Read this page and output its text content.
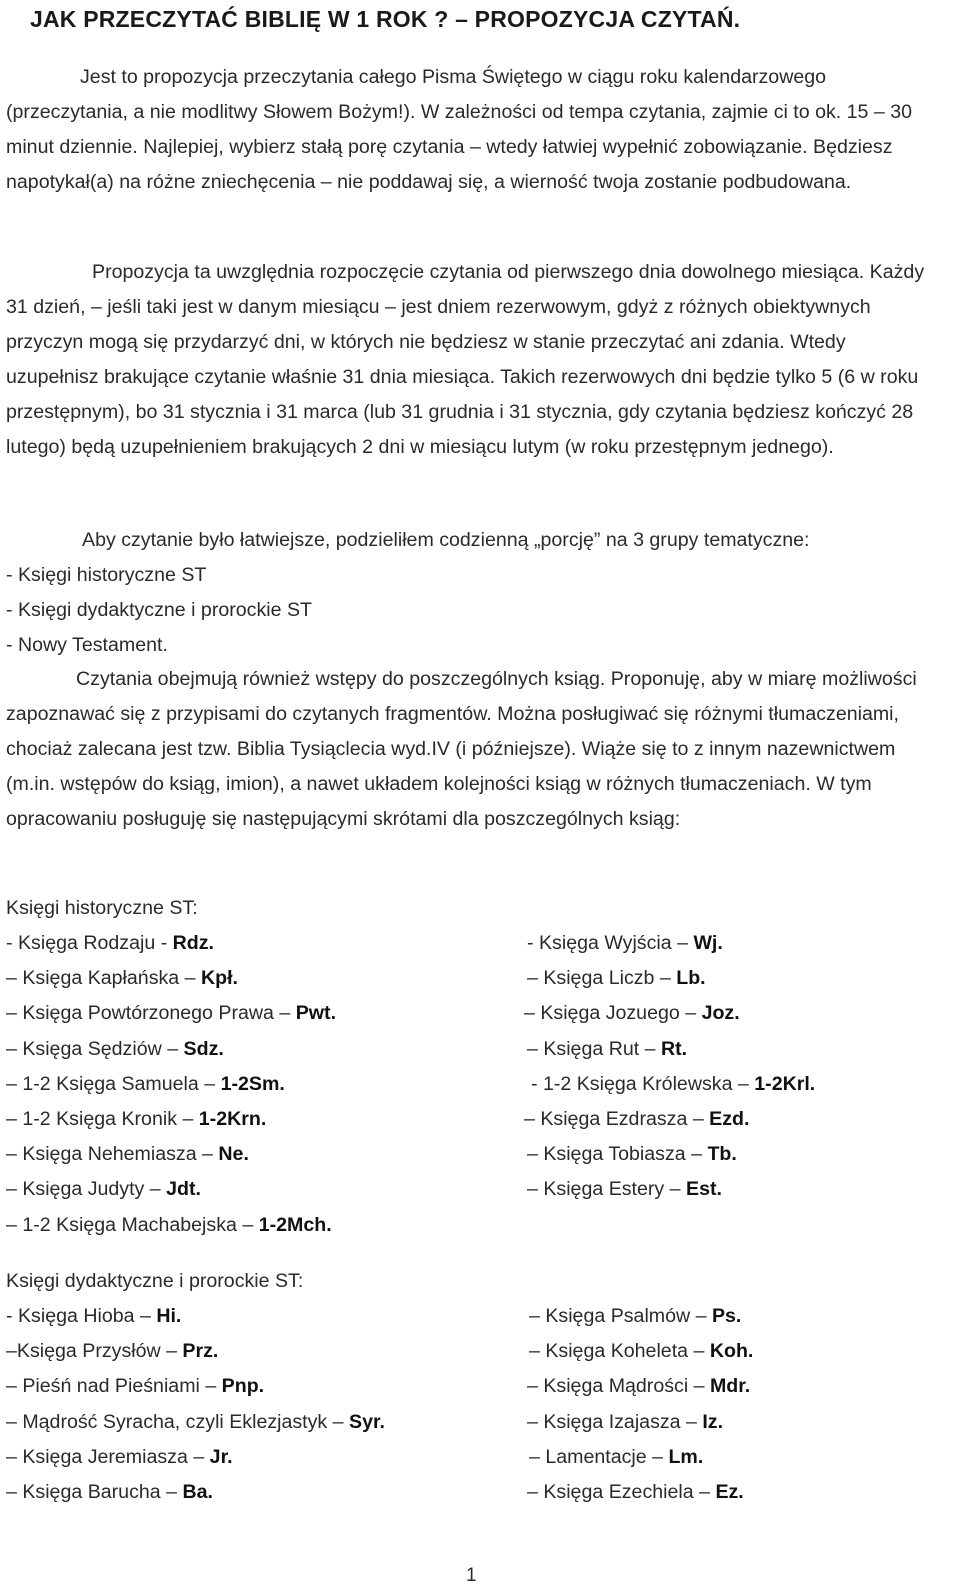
JAK PRZECZYTAĆ BIBLIĘ W 1 ROK ? – PROPOZYCJA CZYTAŃ.
Jest to propozycja przeczytania całego Pisma Świętego w ciągu roku kalendarzowego (przeczytania, a nie modlitwy Słowem Bożym!). W zależności od tempa czytania, zajmie ci to ok. 15 – 30 minut dziennie. Najlepiej, wybierz stałą porę czytania – wtedy łatwiej wypełnić zobowiązanie. Będziesz napotykał(a) na różne zniechęcenia – nie poddawaj się, a wierność twoja zostanie podbudowana.
Propozycja ta uwzględnia rozpoczęcie czytania od pierwszego dnia dowolnego miesiąca. Każdy 31 dzień, – jeśli taki jest w danym miesiącu – jest dniem rezerwowym, gdyż z różnych obiektywnych przyczyn mogą się przydarzyć dni, w których nie będziesz w stanie przeczytać ani zdania. Wtedy uzupełnisz brakujące czytanie właśnie 31 dnia miesiąca. Takich rezerwowych dni będzie tylko 5 (6 w roku przestępnym), bo 31 stycznia i 31 marca (lub 31 grudnia i 31 stycznia, gdy czytania będziesz kończyć 28 lutego) będą uzupełnieniem brakujących 2 dni w miesiącu lutym (w roku przestępnym jednego).
Aby czytanie było łatwiejsze, podzieliłem codzienną „porcję” na 3 grupy tematyczne:
- Księgi historyczne ST
- Księgi dydaktyczne i prorockie ST
- Nowy Testament.
Czytania obejmują również wstępy do poszczególnych ksiąg. Proponuję, aby w miarę możliwości zapoznawać się z przypisami do czytanych fragmentów. Można posługiwać się różnymi tłumaczeniami, chociaż zalecana jest tzw. Biblia Tysiąclecia wyd.IV (i późniejsze). Wiąże się to z innym nazewnictwem (m.in. wstępów do ksiąg, imion), a nawet układem kolejności ksiąg w różnych tłumaczeniach. W tym opracowaniu posługuję się następującymi skrótami dla poszczególnych ksiąg:
Księgi historyczne ST:
- Księga Rodzaju - Rdz.
– Księga Kapłańska – Kpł.
– Księga Powtórzonego Prawa – Pwt.
– Księga Sędziów – Sdz.
– 1-2 Księga Samuela – 1-2Sm.
– 1-2 Księga Kronik – 1-2Krn.
– Księga Nehemiasza – Ne.
– Księga Judyty – Jdt.
– 1-2 Księga Machabejska – 1-2Mch.
- Księga Wyjścia – Wj.
– Księga Liczb – Lb.
– Księga Jozuego – Joz.
– Księga Rut – Rt.
- 1-2 Księga Królewska – 1-2Krl.
– Księga Ezdrasza – Ezd.
– Księga Tobiasza – Tb.
– Księga Estery – Est.
Księgi dydaktyczne i prorockie ST:
- Księga Hioba – Hi.
–Księga Przysłów – Prz.
– Pieśń nad Pieśniami – Pnp.
– Mądrość Syracha, czyli Eklezjastyk – Syr.
– Księga Jeremiasza – Jr.
– Księga Barucha – Ba.
– Księga Psalmów – Ps.
– Księga Koheleta – Koh.
– Księga Mądrości – Mdr.
– Księga Izajasza – Iz.
– Lamentacje – Lm.
– Księga Ezechiela – Ez.
1
